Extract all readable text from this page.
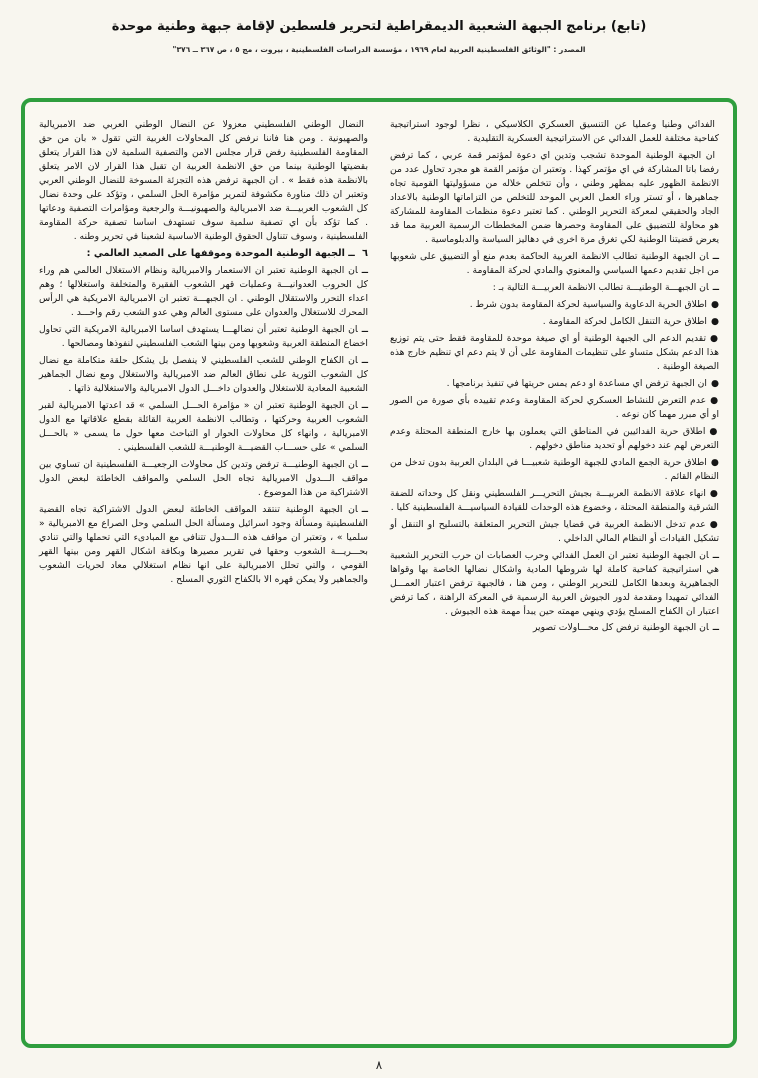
(تابع) برنامج الجبهة الشعبية الديمقراطية لتحرير فلسطين لإقامة جبهة وطنية موحدة
المصدر : "الوثائق الفلسطينية العربية لعام ١٩٦٩ ، مؤسسة الدراسات الفلسطينية ، بيروت ، مج ٥ ، ص ٣٦٧ ــ ٣٧٦"

الفدائي وطنيا وعمليا عن التنسيق العسكري الكلاسيكي ، نظرا لوجود استراتيجية كفاحية مختلفة للعمل الفدائي عن الاستراتيجية العسكرية التقليدية .

ان الجبهة الوطنية الموحدة تشجب وتدين اي دعوة لمؤتمر قمة عربي ، كما ترفض رفضا باتا المشاركة في اي مؤتمر كهذا . وتعتبر ان مؤتمر القمة هو مجرد تحاول عدد من الانظمة الظهور عليه بمظهر وطني ، وأن تتخلص خلاله من مسؤوليتها القومية تجاه جماهيرها ، أو تستر وراء العمل العربي الموحد للتخلص من التزاماتها الوطنية بالاعداد الجاد والحقيقي لمعركة التحرير الوطني . كما تعتبر دعوة منظمات المقاومة للمشاركة هو محاولة للتضييق على المقاومة وحصرها ضمن المخططات الرسمية العربية مما قد يعرض قضيتنا الوطنية لكي تغرق مرة اخرى في دهاليز السياسة والدبلوماسية .

ــان الجبهة الوطنية تطالب الانظمة العربية الحاكمة بعدم منع أو التضييق على شعوبها من اجل تقديم دعمها السياسي والمعنوي والمادي لحركة المقاومة .

ــان الجبهـــة الوطنيـــة تطالب الانظمة العربيـــة التالية بـ :

●اطلاق الحرية الدعاوية والسياسية لحركة المقاومة بدون شرط .

●اطلاق حرية التنقل الكامل لحركة المقاومة .

●تقديم الدعم الى الجبهة الوطنية أو اي صيغة موحدة للمقاومة فقط حتى يتم توزيع هذا الدعم بشكل متساو على تنظيمات المقاومة على أن لا يتم دعم اي تنظيم خارج هذه الصيغة الوطنية .

●ان الجبهة ترفض اي مساعدة او دعم يمس حريتها في تنفيذ برنامجها .

●عدم التعرض للنشاط العسكري لحركة المقاومة وعدم تقييده بأي صورة من الصور او أي مبرر مهما كان نوعه .

●اطلاق حرية الفدائيين في المناطق التي يعملون بها خارج المنطقة المحتلة وعدم التعرض لهم عند دخولهم أو تحديد مناطق دخولهم .

●اطلاق حرية الجمع المادي للجبهة الوطنية شعبيـــا في البلدان العربية بدون تدخل من النظام القائم .

●انهاء علاقة الانظمة العربيـــة بجيش التحريـــر الفلسطيني ونقل كل وحداته للضفة الشرقية والمنطقة المحتلة ، وخضوع هذه الوحدات للقيادة السياسيـــة الفلسطينية كليا .

●عدم تدخل الانظمة العربية في قضايا جيش التحرير المتعلقة بالتسليح او التنقل أو تشكيل القيادات أو النظام المالي الداخلي .

ــان الجبهة الوطنية تعتبر ان العمل الفدائي وحرب العصابات ان حرب التحرير الشعبية هي استراتيجية كفاحية كاملة لها شروطها المادية واشكال نضالها الخاصة بها وقواها الجماهيرية وبعدها الكامل للتحرير الوطني ، ومن هنا ، فالجبهة ترفض اعتبار العمـــل الفدائي تمهيدا ومقدمة لدور الجيوش العربية الرسمية في المعركة الراهنة ، كما ترفض اعتبار ان الكفاح المسلح يؤدي وينهي مهمته حين يبدأ مهمة هذه الجيوش .

ــان الجبهة الوطنية ترفض كل محـــاولات تصوير

النضال الوطني الفلسطيني معزولا عن النضال الوطني العربي ضد الامبريالية والصهيونية . ومن هنا فاننا نرفض كل المحاولات الغربية التي تقول « بان من حق المقاومة الفلسطينية رفض قرار مجلس الامن والتصفية السلمية لان هذا القرار يتعلق بقضيتها الوطنية بينما من حق الانظمة العربية ان تقبل هذا القرار لان الامر يتعلق بالانظمة هذه فقط » . ان الجبهة ترفض هذه التجزئة المسوخة للنضال الوطني العربي وتعتبر ان ذلك مناورة مكشوفة لتمرير مؤامرة الحل السلمي ، وتؤكد على وحدة نضال كل الشعوب العربيـــة ضد الامبريالية والصهيونيـــة والرجعية ومؤامرات التصفية ودعاتها . كما تؤكد بأن اي تصفية سلمية سوف تستهدف اساسا تصفية حركة المقاومة الفلسطينية ، وسوف تتناول الحقوق الوطنية الاساسية لشعبنا في تحرير وطنه .

٦ ــ الجبهة الوطنية الموحدة وموقفها على الصعيد العالمي :

ــان الجبهة الوطنية تعتبر ان الاستعمار والامبريالية ونظام الاستغلال العالمي هم وراء كل الحروب العدوانيـــة وعمليات قهر الشعوب الفقيرة والمتخلفة واستغلالها ؛ وهم اعداء التحرر والاستقلال الوطني . ان الجبهـــة تعتبر ان الامبريالية الامريكية هي الرأس المحرك للاستغلال والعدوان على مستوى العالم وهي عدو الشعب رقم واحـــد .

ــان الجبهة الوطنية تعتبر أن نضالهـــا يستهدف اساسا الامبريالية الامريكية التي تحاول اخضاع المنطقة العربية وشعوبها ومن بينها الشعب الفلسطيني لنفوذها ومصالحها .

ــان الكفاح الوطني للشعب الفلسطيني لا ينفصل بل يشكل حلقة متكاملة مع نضال كل الشعوب الثورية على نطاق العالم ضد الامبريالية والاستغلال ومع نضال الجماهير الشعبية المعادية للاستغلال والعدوان داخـــل الدول الامبريالية والاستغلالية ذاتها .

ــان الجبهة الوطنية تعتبر ان « مؤامرة الحـــل السلمي » قد اعدتها الامبريالية لقبر الشعوب العربية وحركتها ، وتطالب الانظمة العربية القائلة بقطع علاقاتها مع الدول الامبريالية ، وانهاء كل محاولات الحوار او التباحث معها حول ما يسمى « بالحـــل السلمي » على حســـاب القضيـــة الوطنيـــة للشعب الفلسطيني .

ــان الجبهة الوطنيـــة ترفض وتدين كل محاولات الرجعيـــة الفلسطينية ان تساوي بين مواقف الـــدول الامبريالية تجاه الحل السلمي والمواقف الخاطئة لبعض الدول الاشتراكية من هذا الموضوع .

ــان الجبهة الوطنية تنتقد المواقف الخاطئة لبعض الدول الاشتراكية تجاه القضية الفلسطينية ومسألة وجود اسرائيل ومسألة الحل السلمي وحل الصراع مع الامبريالية « سلميا » ، وتعتبر ان مواقف هذه الـــدول تتنافى مع المبادىء التي تحملها والتي تنادي بحـــريـــة الشعوب وحقها في تقرير مصيرها وبكافة اشكال القهر ومن بينها القهر القومي ، والتي تحلل الامبريالية على انها نظام استغلالي معاد لحريات الشعوب والجماهير ولا يمكن قهره الا بالكفاح الثوري المسلح .

٨
